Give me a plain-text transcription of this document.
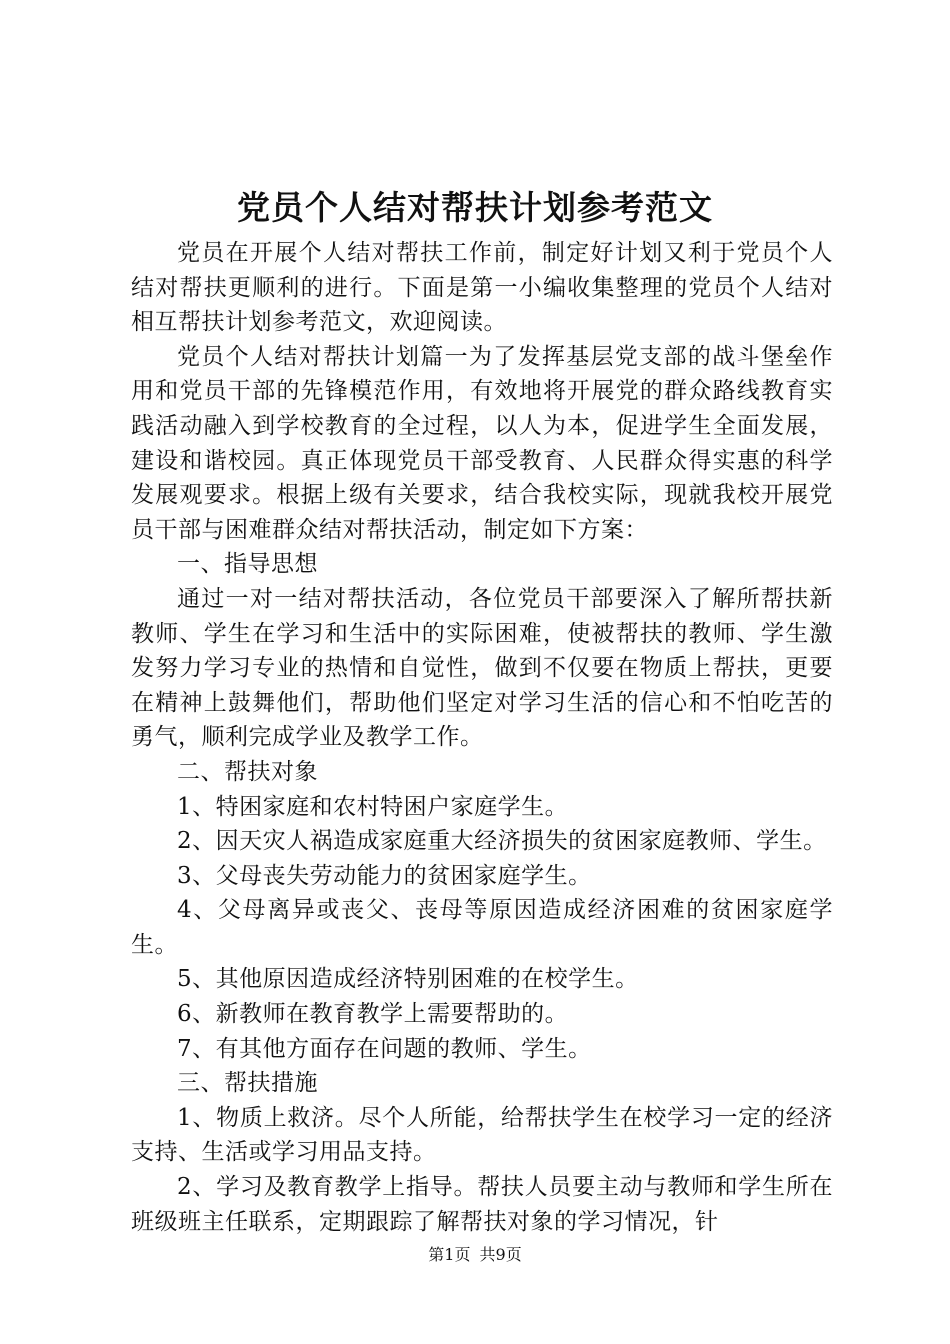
党员个人结对帮扶计划参考范文

党员在开展个人结对帮扶工作前，制定好计划又利于党员个人结对帮扶更顺利的进行。下面是第一小编收集整理的党员个人结对相互帮扶计划参考范文，欢迎阅读。

党员个人结对帮扶计划篇一为了发挥基层党支部的战斗堡垒作用和党员干部的先锋模范作用，有效地将开展党的群众路线教育实践活动融入到学校教育的全过程，以人为本，促进学生全面发展，建设和谐校园。真正体现党员干部受教育、人民群众得实惠的科学发展观要求。根据上级有关要求，结合我校实际，现就我校开展党员干部与困难群众结对帮扶活动，制定如下方案：

一、指导思想

通过一对一结对帮扶活动，各位党员干部要深入了解所帮扶新教师、学生在学习和生活中的实际困难，使被帮扶的教师、学生激发努力学习专业的热情和自觉性，做到不仅要在物质上帮扶，更要在精神上鼓舞他们，帮助他们坚定对学习生活的信心和不怕吃苦的勇气，顺利完成学业及教学工作。

二、帮扶对象

1、特困家庭和农村特困户家庭学生。

2、因天灾人祸造成家庭重大经济损失的贫困家庭教师、学生。

3、父母丧失劳动能力的贫困家庭学生。

4、父母离异或丧父、丧母等原因造成经济困难的贫困家庭学生。

5、其他原因造成经济特别困难的在校学生。

6、新教师在教育教学上需要帮助的。

7、有其他方面存在问题的教师、学生。

三、帮扶措施

1、物质上救济。尽个人所能，给帮扶学生在校学习一定的经济支持、生活或学习用品支持。

2、学习及教育教学上指导。帮扶人员要主动与教师和学生所在班级班主任联系，定期跟踪了解帮扶对象的学习情况，针

第1页 共9页
